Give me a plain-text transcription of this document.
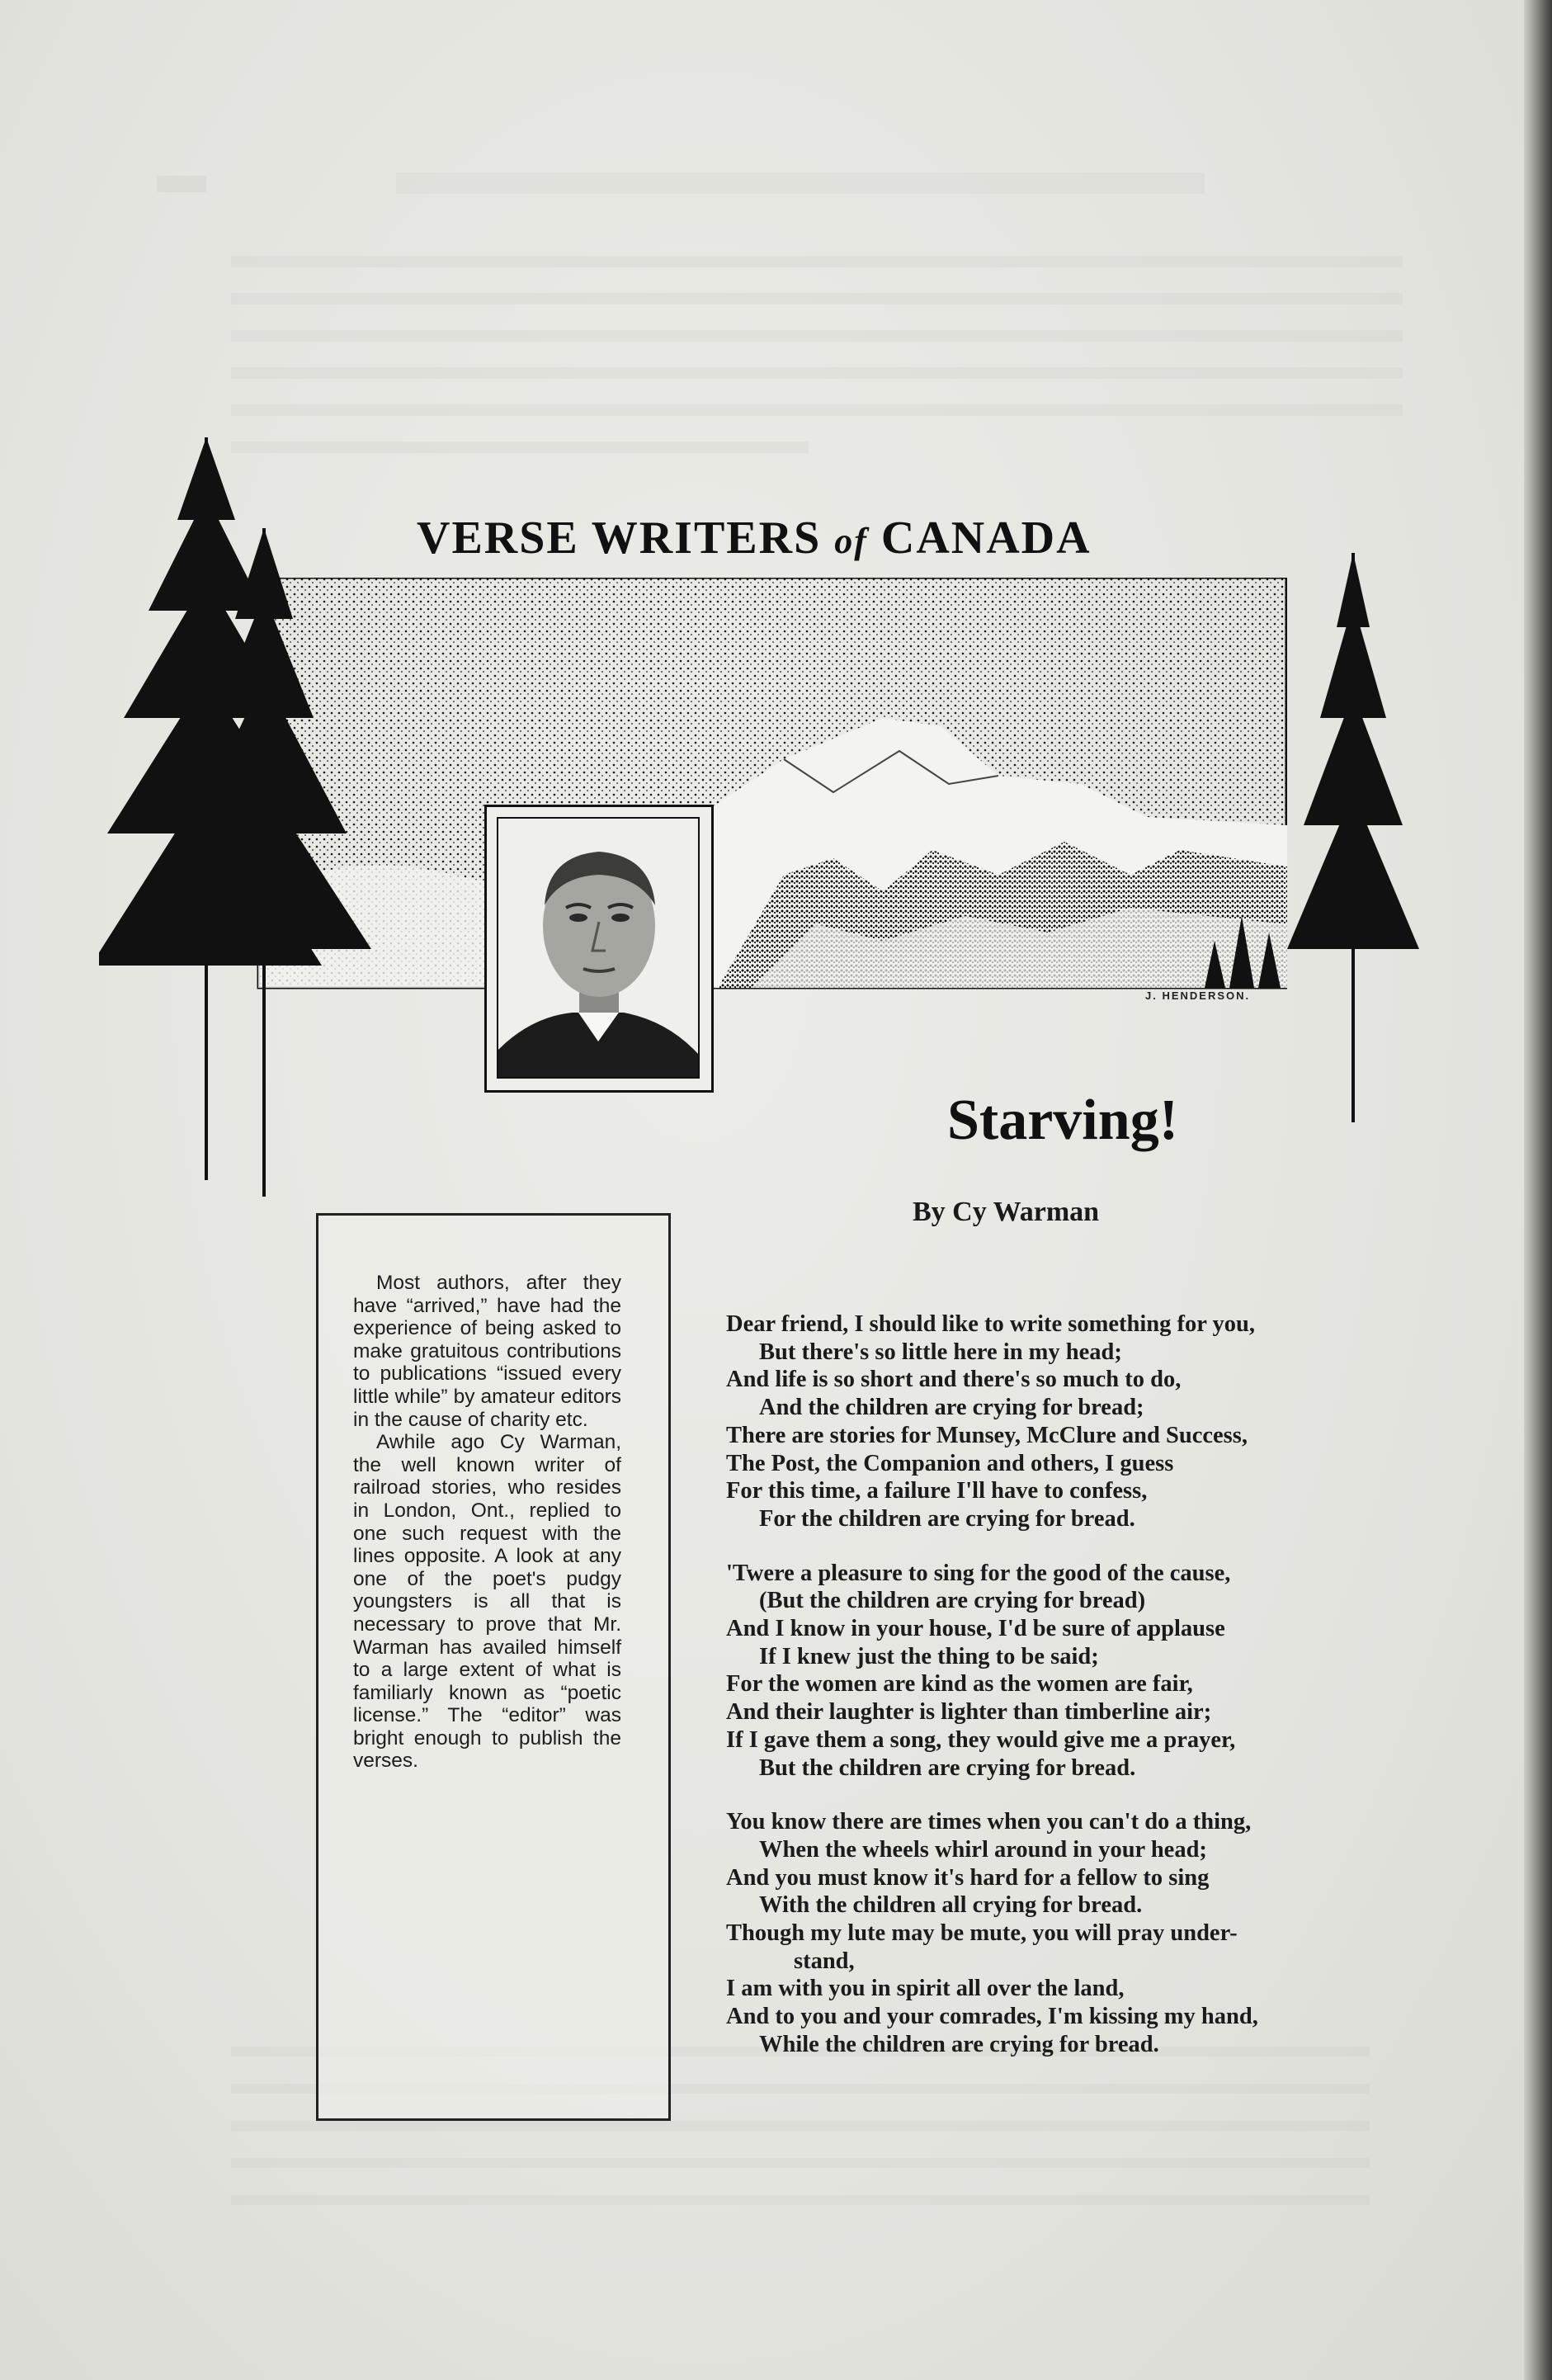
VERSE WRITERS of CANADA
J. HENDERSON.
Starving!
By Cy Warman

Most authors, after they have “arrived,” have had the experience of being asked to make gratuitous contributions to publications “issued every little while” by amateur editors in the cause of charity etc.

Awhile ago Cy Warman, the well known writer of railroad stories, who resides in London, Ont., replied to one such request with the lines opposite. A look at any one of the poet's pudgy youngsters is all that is necessary to prove that Mr. Warman has availed himself to a large extent of what is familiarly known as “poetic license.” The “editor” was bright enough to publish the verses.

Dear friend, I should like to write something for you,
But there's so little here in my head;
And life is so short and there's so much to do,
And the children are crying for bread;
There are stories for Munsey, McClure and Success,
The Post, the Companion and others, I guess
For this time, a failure I'll have to confess,
For the children are crying for bread.
'Twere a pleasure to sing for the good of the cause,
(But the children are crying for bread)
And I know in your house, I'd be sure of applause
If I knew just the thing to be said;
For the women are kind as the women are fair,
And their laughter is lighter than timberline air;
If I gave them a song, they would give me a prayer,
But the children are crying for bread.
You know there are times when you can't do a thing,
When the wheels whirl around in your head;
And you must know it's hard for a fellow to sing
With the children all crying for bread.
Though my lute may be mute, you will pray under-
stand,
I am with you in spirit all over the land,
And to you and your comrades, I'm kissing my hand,
While the children are crying for bread.
